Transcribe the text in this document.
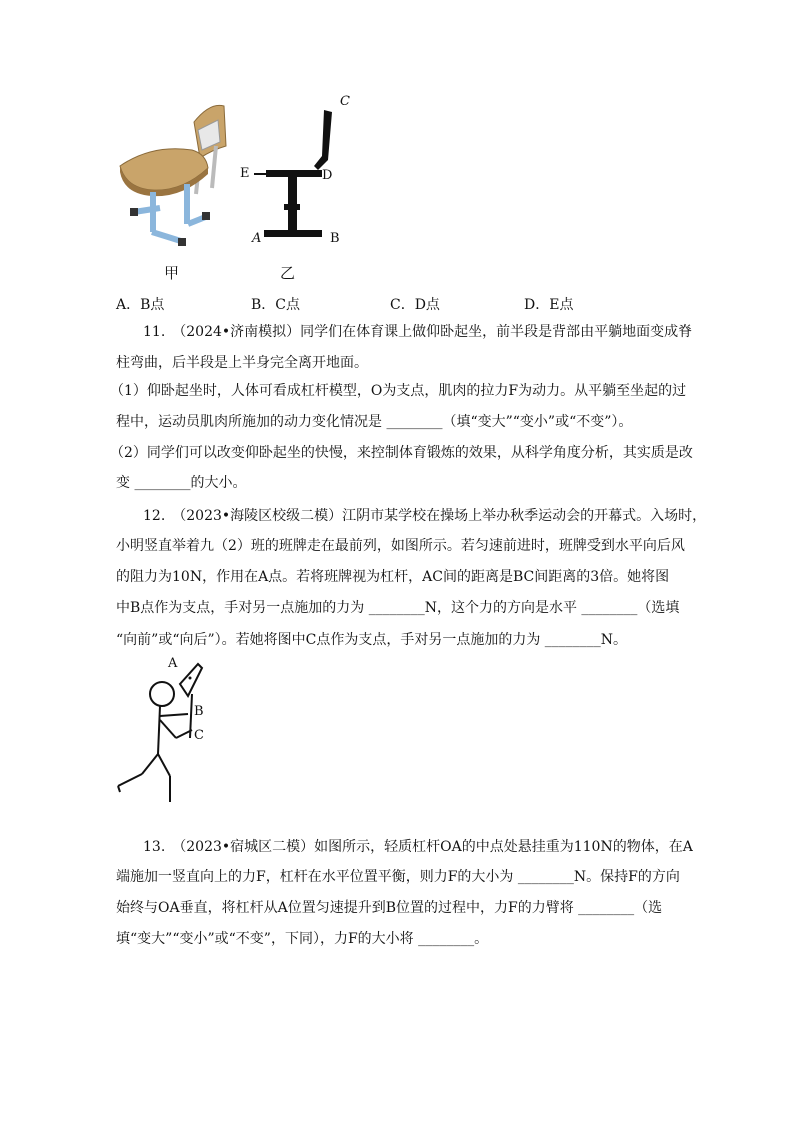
C
E	D
A	B
甲	乙
A．B点	B．C点	C．D点	D．E点
11.　（2024•济南模拟）同学们在体育课上做仰卧起坐，前半段是背部由平躺地面变成脊
柱弯曲，后半段是上半身完全离开地面。
（1）仰卧起坐时，人体可看成杠杆模型，O为支点，肌肉的拉力F为动力。从平躺至坐起的过
程中，运动员肌肉所施加的动力变化情况是 ________（填“变大”“变小”或“不变”）。
（2）同学们可以改变仰卧起坐的快慢，来控制体育锻炼的效果，从科学角度分析，其实质是改
变 ________的大小。
12.　（2023•海陵区校级二模）江阴市某学校在操场上举办秋季运动会的开幕式。入场时，
小明竖直举着九（2）班的班牌走在最前列，如图所示。若匀速前进时，班牌受到水平向后风
的阻力为10N，作用在A点。若将班牌视为杠杆，AC间的距离是BC间距离的3倍。她将图
中B点作为支点，手对另一点施加的力为 ________N，这个力的方向是水平 ________（选填
“向前”或“向后”）。若她将图中C点作为支点，手对另一点施加的力为 ________N。
A
B
C
13.　（2023•宿城区二模）如图所示，轻质杠杆OA的中点处悬挂重为110N的物体，在A
端施加一竖直向上的力F，杠杆在水平位置平衡，则力F的大小为 ________N。保持F的方向
始终与OA垂直，将杠杆从A位置匀速提升到B位置的过程中，力F的力臂将 ________（选
填“变大”“变小”或“不变”，下同），力F的大小将 ________。
